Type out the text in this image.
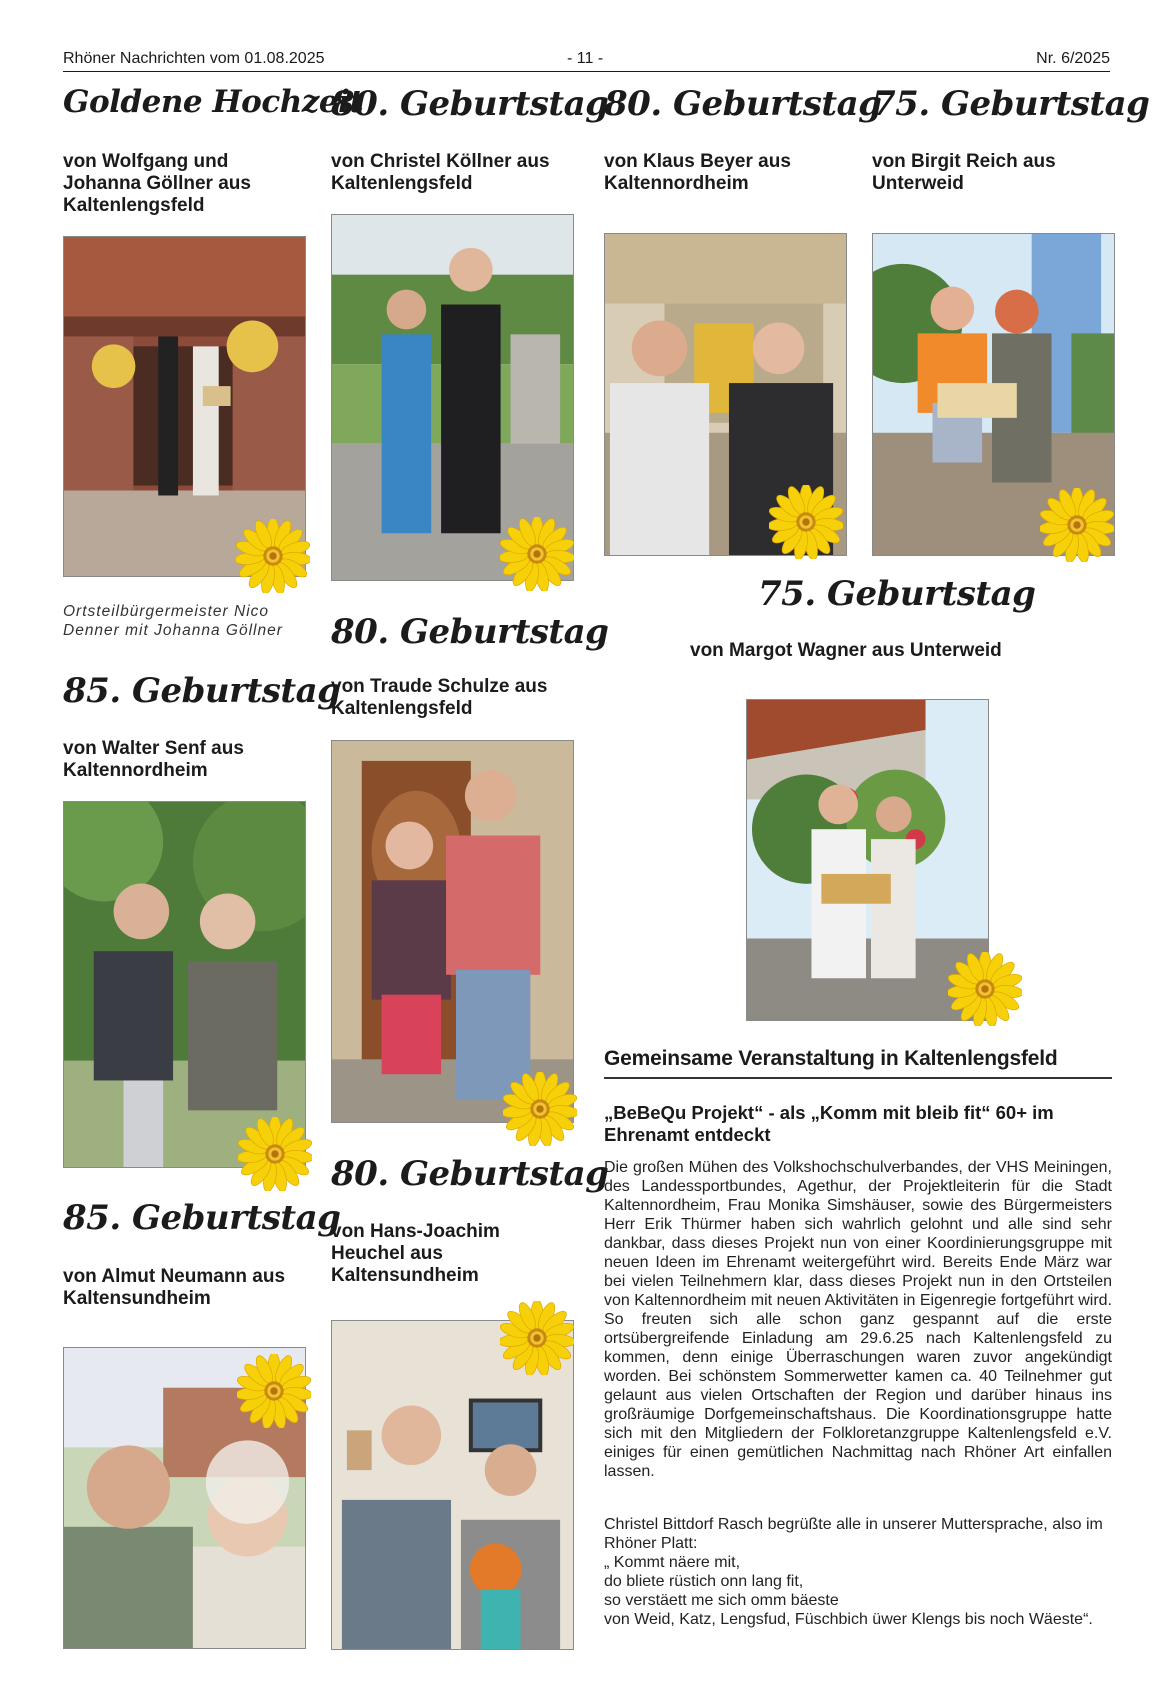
Rhöner Nachrichten vom 01.08.2025	- 11 -	Nr. 6/2025
Goldene Hochzeit
von Wolfgang und Johanna Göllner aus Kaltenlengsfeld
Ortsteilbürgermeister Nico Denner mit Johanna Göllner
85. Geburtstag
von Walter Senf aus Kaltennordheim
85. Geburtstag
von Almut Neumann aus Kaltensundheim
80. Geburtstag
von Christel Köllner aus Kaltenlengsfeld
80. Geburtstag
von Traude Schulze aus Kaltenlengsfeld
80. Geburtstag
von Hans-Joachim Heuchel aus Kaltensundheim
80. Geburtstag
von Klaus Beyer aus Kaltennordheim
75. Geburtstag
von Birgit Reich aus Unterweid
75. Geburtstag
von Margot Wagner aus Unterweid
Gemeinsame Veranstaltung in Kaltenlengsfeld
„BeBeQu Projekt“ - als „Komm mit bleib fit“ 60+ im Ehrenamt entdeckt
Die großen Mühen des Volkshochschulverbandes, der VHS Meiningen, des Landessportbundes, Agethur, der Projektleiterin für die Stadt Kaltennordheim, Frau Monika Simshäuser, sowie des Bürgermeisters Herr Erik Thürmer haben sich wahrlich gelohnt und alle sind sehr dankbar, dass dieses Projekt nun von einer Koordinierungsgruppe mit neuen Ideen im Ehrenamt weitergeführt wird. Bereits Ende März war bei vielen Teilnehmern klar, dass dieses Projekt nun in den Ortsteilen von Kaltennordheim mit neuen Aktivitäten in Eigenregie fortgeführt wird. So freuten sich alle schon ganz gespannt auf die erste ortsübergreifende Einladung am 29.6.25 nach Kaltenlengsfeld zu kommen, denn einige Überraschungen waren zuvor angekündigt worden. Bei schönstem Sommerwetter kamen ca. 40 Teilnehmer gut gelaunt aus vielen Ortschaften der Region und darüber hinaus ins großräumige Dorfgemeinschaftshaus. Die Koordinationsgruppe hatte sich mit den Mitgliedern der Folkloretanzgruppe Kaltenlengsfeld e.V. einiges für einen gemütlichen Nachmittag nach Rhöner Art einfallen lassen.
Christel Bittdorf Rasch begrüßte alle in unserer Muttersprache, also im Rhöner Platt:
„ Kommt näere mit,
do bliete rüstich onn lang fit,
so verstäett me sich omm bäeste
von Weid, Katz, Lengsfud, Füschbich üwer Klengs bis noch Wäeste“.
